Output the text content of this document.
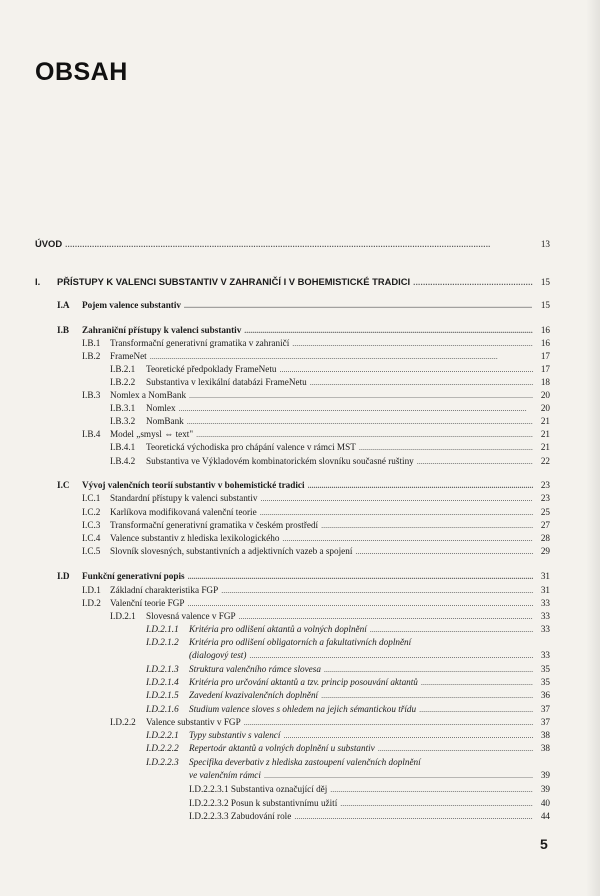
OBSAH
ÚVOD . . .	13
I.	PŘÍSTUPY K VALENCI SUBSTANTIV V ZAHRANIČÍ I V BOHEMISTICKÉ TRADICI . . .	15
I.A	Pojem valence substantiv . . .	15
I.B	Zahraniční přístupy k valenci substantiv . . .	16
I.B.1	Transformační generativní gramatika v zahraničí . . .	16
I.B.2	FrameNet . . .	17
I.B.2.1	Teoretické předpoklady FrameNetu . . .	17
I.B.2.2	Substantiva v lexikální databázi FrameNetu . . .	18
I.B.3	Nomlex a NomBank . . .	20
I.B.3.1	Nomlex . . .	20
I.B.3.2	NomBank . . .	21
I.B.4	Model „smysl ⇔ text" . . .	21
I.B.4.1	Teoretická východiska pro chápání valence v rámci MST . . .	21
I.B.4.2	Substantiva ve Výkladovém kombinatorickém slovníku současné ruštiny . . .	22
I.C	Vývoj valenčních teorií substantiv v bohemistické tradici . . .	23
I.C.1	Standardní přístupy k valenci substantiv . . .	23
I.C.2	Karlíkova modifikovaná valenční teorie . . .	25
I.C.3	Transformační generativní gramatika v českém prostředí . . .	27
I.C.4	Valence substantiv z hlediska lexikologického . . .	28
I.C.5	Slovník slovesných, substantivních a adjektivních vazeb a spojení . . .	29
I.D	Funkční generativní popis . . .	31
I.D.1 Základní charakteristika FGP . . .	31
I.D.2 Valenční teorie FGP . . .	33
I.D.2.1	Slovesná valence v FGP . . .	33
I.D.2.1.1	Kritéria pro odlišení aktantů a volných doplnění . . .	33
I.D.2.1.2	Kritéria pro odlišení obligatorních a fakultativních doplnění
(dialogový test) . . .	33
I.D.2.1.3	Struktura valenčního rámce slovesa . . .	35
I.D.2.1.4	Kritéria pro určování aktantů a tzv. princip posouvání aktantů . . .	35
I.D.2.1.5	Zavedení kvazivalenčních doplnění . . .	36
I.D.2.1.6	Studium valence sloves s ohledem na jejich sémantickou třídu . . .	37
I.D.2.2	Valence substantiv v FGP . . .	37
I.D.2.2.1	Typy substantiv s valencí . . .	38
I.D.2.2.2	Repertoár aktantů a volných doplnění u substantiv . . .	38
I.D.2.2.3	Specifika deverbativ z hlediska zastoupení valenčních doplnění
ve valenčním rámci . . .	39
I.D.2.2.3.1 Substantiva označující děj . . .	39
I.D.2.2.3.2 Posun k substantivnímu užití . . .	40
I.D.2.2.3.3 Zabudování role . . .	44
5
